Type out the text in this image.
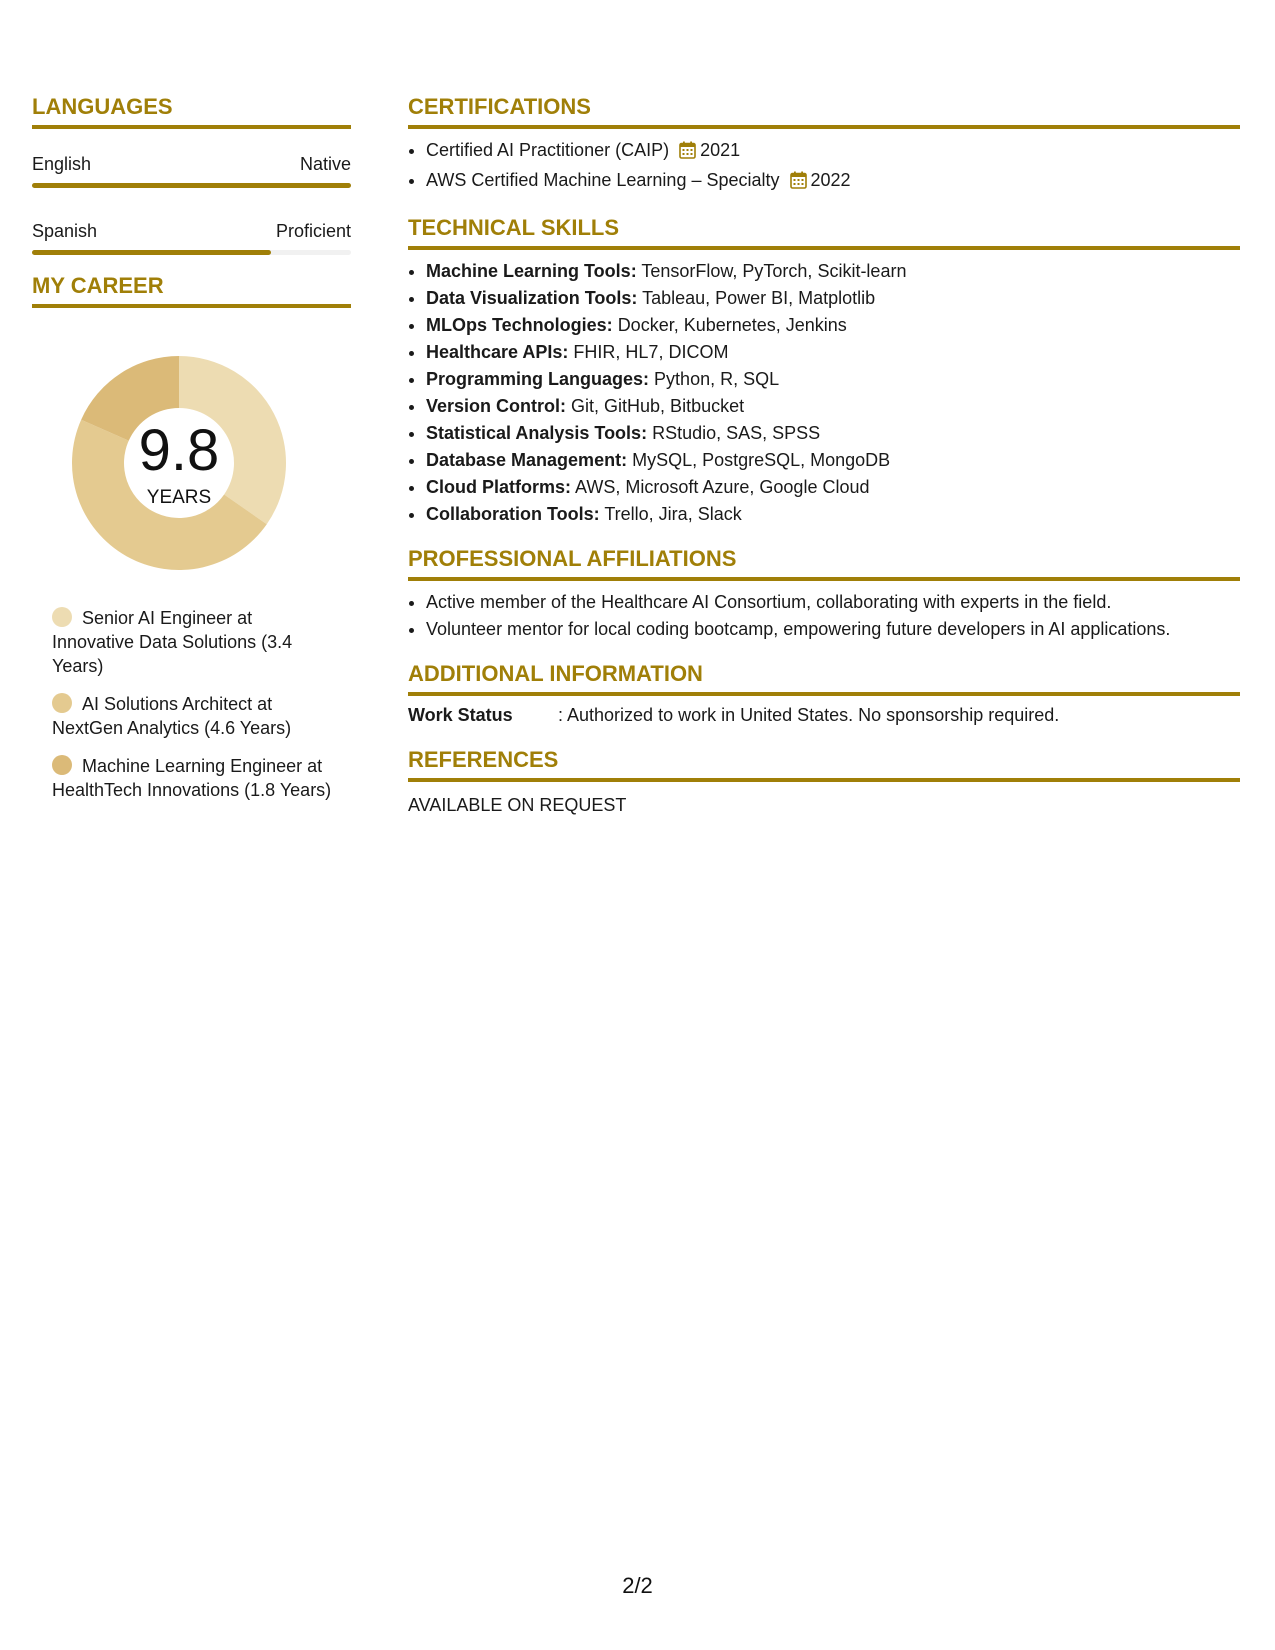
LANGUAGES
English	Native
Spanish	Proficient
MY CAREER
9.8
YEARS
Senior AI Engineer at Innovative Data Solutions (3.4 Years)
AI Solutions Architect at NextGen Analytics (4.6 Years)
Machine Learning Engineer at HealthTech Innovations (1.8 Years)
CERTIFICATIONS
• Certified AI Practitioner (CAIP) 2021
• AWS Certified Machine Learning – Specialty 2022
TECHNICAL SKILLS
• Machine Learning Tools: TensorFlow, PyTorch, Scikit-learn
• Data Visualization Tools: Tableau, Power BI, Matplotlib
• MLOps Technologies: Docker, Kubernetes, Jenkins
• Healthcare APIs: FHIR, HL7, DICOM
• Programming Languages: Python, R, SQL
• Version Control: Git, GitHub, Bitbucket
• Statistical Analysis Tools: RStudio, SAS, SPSS
• Database Management: MySQL, PostgreSQL, MongoDB
• Cloud Platforms: AWS, Microsoft Azure, Google Cloud
• Collaboration Tools: Trello, Jira, Slack
PROFESSIONAL AFFILIATIONS
• Active member of the Healthcare AI Consortium, collaborating with experts in the field.
• Volunteer mentor for local coding bootcamp, empowering future developers in AI applications.
ADDITIONAL INFORMATION
Work Status	: Authorized to work in United States. No sponsorship required.
REFERENCES
AVAILABLE ON REQUEST
2/2
